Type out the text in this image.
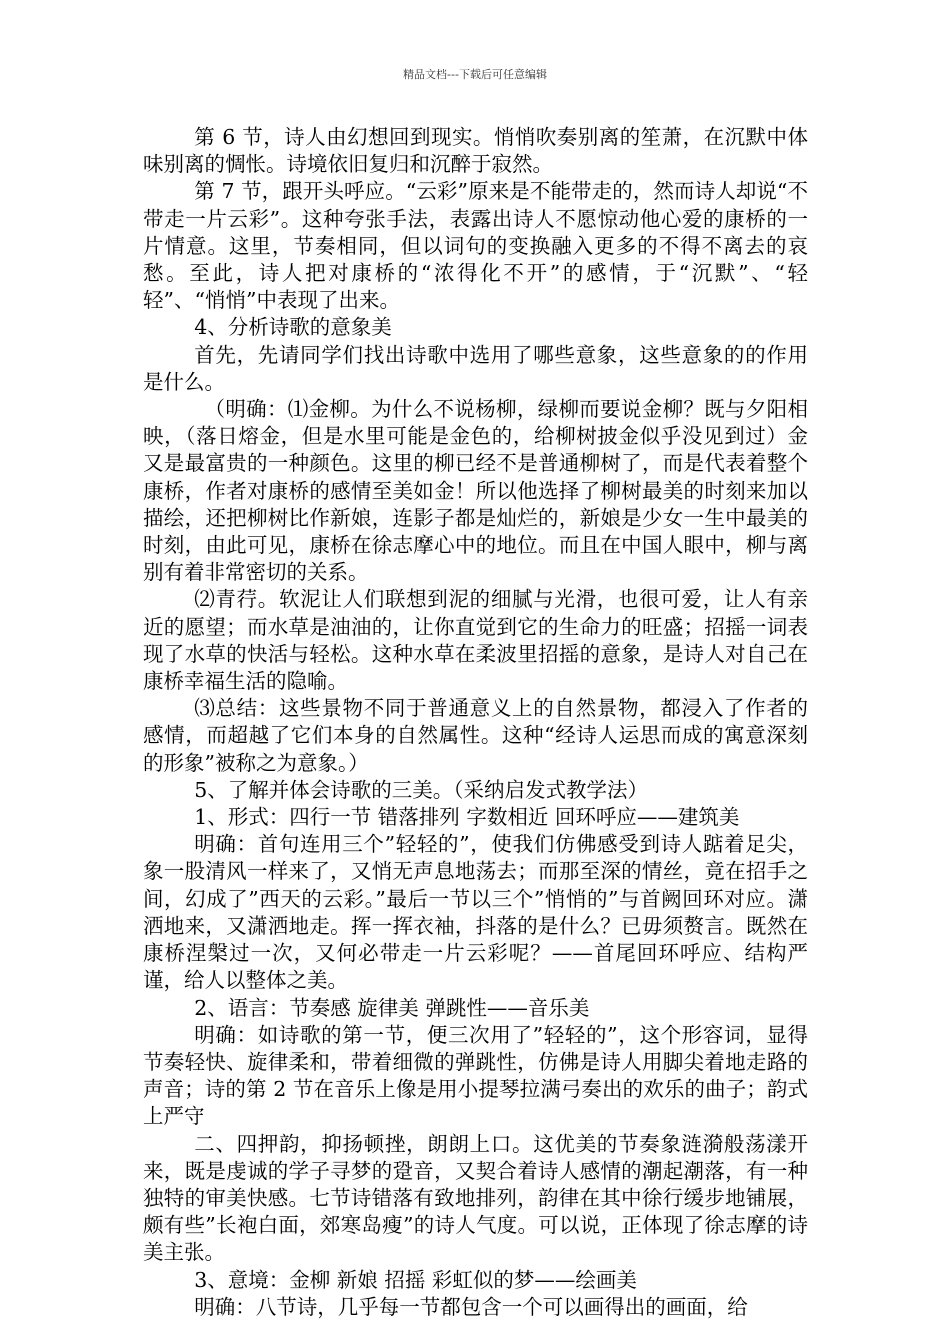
精品文档---下载后可任意编辑

第 6 节，诗人由幻想回到现实。悄悄吹奏别离的笙萧，在沉默中体味别离的惆怅。诗境依旧复归和沉醉于寂然。

第 7 节，跟开头呼应。“云彩”原来是不能带走的，然而诗人却说“不带走一片云彩”。这种夸张手法，表露出诗人不愿惊动他心爱的康桥的一片情意。这里，节奏相同，但以词句的变换融入更多的不得不离去的哀愁。至此，诗人把对康桥的“浓得化不开”的感情，于“沉默”、“轻轻”、“悄悄”中表现了出来。

4、分析诗歌的意象美

首先，先请同学们找出诗歌中选用了哪些意象，这些意象的的作用是什么。

（明确：⑴金柳。为什么不说杨柳，绿柳而要说金柳？既与夕阳相映，（落日熔金，但是水里可能是金色的，给柳树披金似乎没见到过）金又是最富贵的一种颜色。这里的柳已经不是普通柳树了，而是代表着整个康桥，作者对康桥的感情至美如金！所以他选择了柳树最美的时刻来加以描绘，还把柳树比作新娘，连影子都是灿烂的，新娘是少女一生中最美的时刻，由此可见，康桥在徐志摩心中的地位。而且在中国人眼中，柳与离别有着非常密切的关系。

⑵青荇。软泥让人们联想到泥的细腻与光滑，也很可爱，让人有亲近的愿望；而水草是油油的，让你直觉到它的生命力的旺盛；招摇一词表现了水草的快活与轻松。这种水草在柔波里招摇的意象，是诗人对自己在康桥幸福生活的隐喻。

⑶总结：这些景物不同于普通意义上的自然景物，都浸入了作者的感情，而超越了它们本身的自然属性。这种“经诗人运思而成的寓意深刻的形象”被称之为意象。）

5、了解并体会诗歌的三美。（采纳启发式教学法）

1、形式：四行一节 错落排列 字数相近 回环呼应——建筑美

明确：首句连用三个”轻轻的”，使我们仿佛感受到诗人踮着足尖，象一股清风一样来了，又悄无声息地荡去；而那至深的情丝，竟在招手之间，幻成了”西天的云彩。”最后一节以三个”悄悄的”与首阙回环对应。潇洒地来，又潇洒地走。挥一挥衣袖，抖落的是什么？已毋须赘言。既然在康桥涅槃过一次，又何必带走一片云彩呢？——首尾回环呼应、结构严谨，给人以整体之美。

2、语言：节奏感 旋律美 弹跳性——音乐美

明确：如诗歌的第一节，便三次用了”轻轻的”，这个形容词，显得节奏轻快、旋律柔和，带着细微的弹跳性，仿佛是诗人用脚尖着地走路的声音；诗的第 2 节在音乐上像是用小提琴拉满弓奏出的欢乐的曲子；韵式上严守

二、四押韵，抑扬顿挫，朗朗上口。这优美的节奏象涟漪般荡漾开来，既是虔诚的学子寻梦的跫音，又契合着诗人感情的潮起潮落，有一种独特的审美快感。七节诗错落有致地排列，韵律在其中徐行缓步地铺展，颇有些”长袍白面，郊寒岛瘦”的诗人气度。可以说，正体现了徐志摩的诗美主张。

3、意境：金柳 新娘 招摇 彩虹似的梦——绘画美

明确：八节诗，几乎每一节都包含一个可以画得出的画面，给
